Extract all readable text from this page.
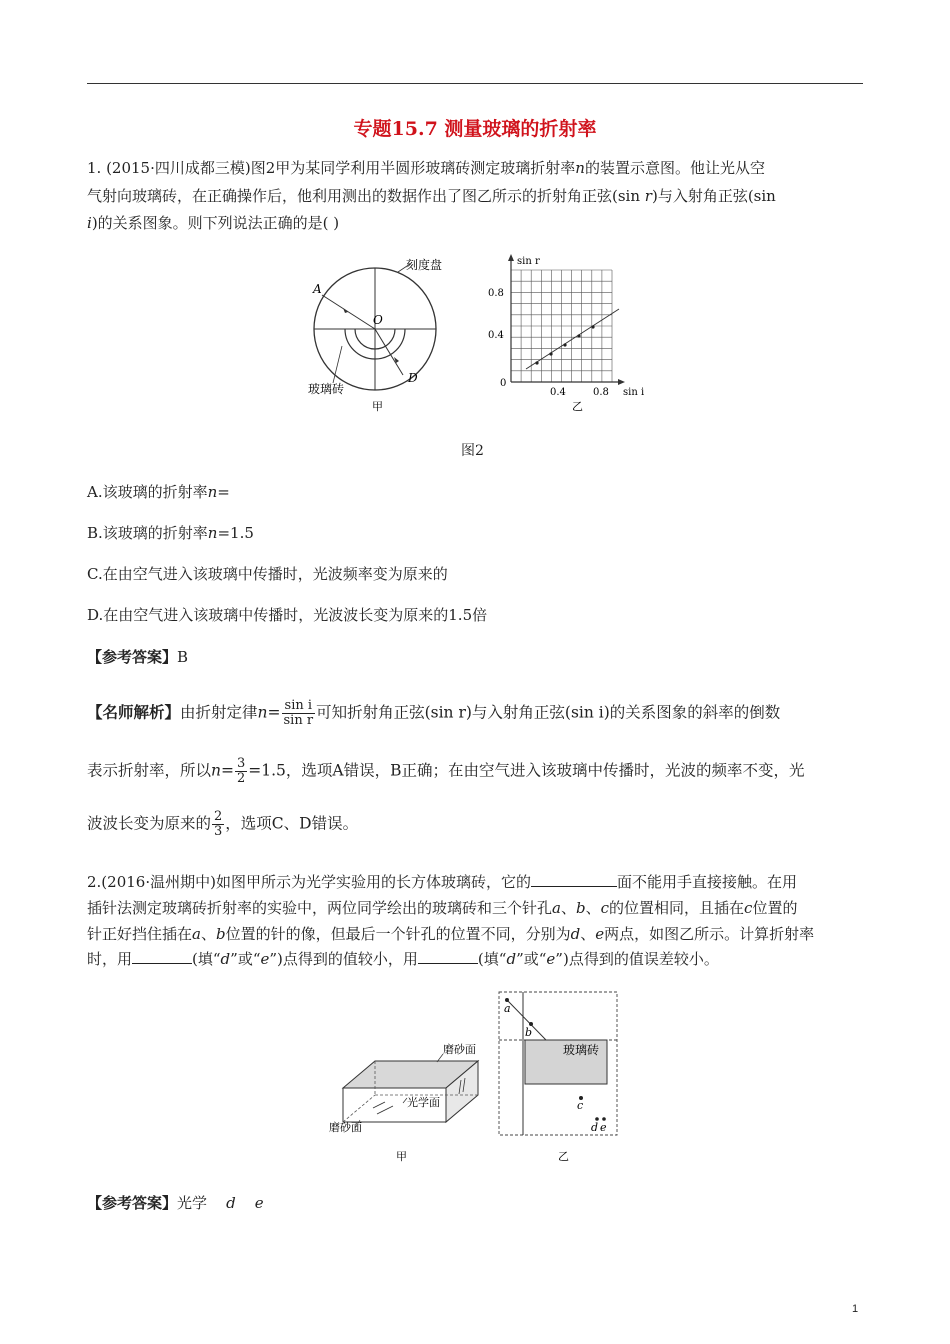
专题15.7 测量玻璃的折射率
1. (2015·四川成都三模)图2甲为某同学利用半圆形玻璃砖测定玻璃折射率n的装置示意图。他让光从空
气射向玻璃砖，在正确操作后，他利用测出的数据作出了图乙所示的折射角正弦(sin r)与入射角正弦(sin
i)的关系图象。则下列说法正确的是( )
刻度盘
A
O
D
玻璃砖
甲
sin r
sin i
0.8
0.4
0
0.4	0.8
乙
图2
A.该玻璃的折射率n=
B.该玻璃的折射率n=1.5
C.在由空气进入该玻璃中传播时，光波频率变为原来的
D.在由空气进入该玻璃中传播时，光波波长变为原来的1.5倍
【参考答案】B
【名师解析】由折射定律$n= \frac{\text{sin i}}{\text{sin r}}$ 可知折射角正弦(sin r)与入射角正弦(sin i)的关系图象的斜率的倒数
表示折射率，所以$n= \frac{3}{2} =1.5$，选项A错误，B正确；在由空气进入该玻璃中传播时，光波的频率不变，光
波波长变为原来的 $\frac{2}{3}$ ，选项C、D错误。
2.(2016·温州期中)如图甲所示为光学实验用的长方体玻璃砖，它的	面不能用手直接接触。在用
插针法测定玻璃砖折射率的实验中，两位同学绘出的玻璃砖和三个针孔a、b、c的位置相同，且插在c位置的
针正好挡住插在a、b位置的针的像，但最后一个针孔的位置不同，分别为d、e两点，如图乙所示。计算折射率
时，用	(填“d”或“e”)点得到的值较小，用	(填“d”或“e”)点得到的值误差较小。
磨砂面
光学面
磨砂面
甲
a
b
c
d e
玻璃砖
乙
【参考答案】光学 d e
1
